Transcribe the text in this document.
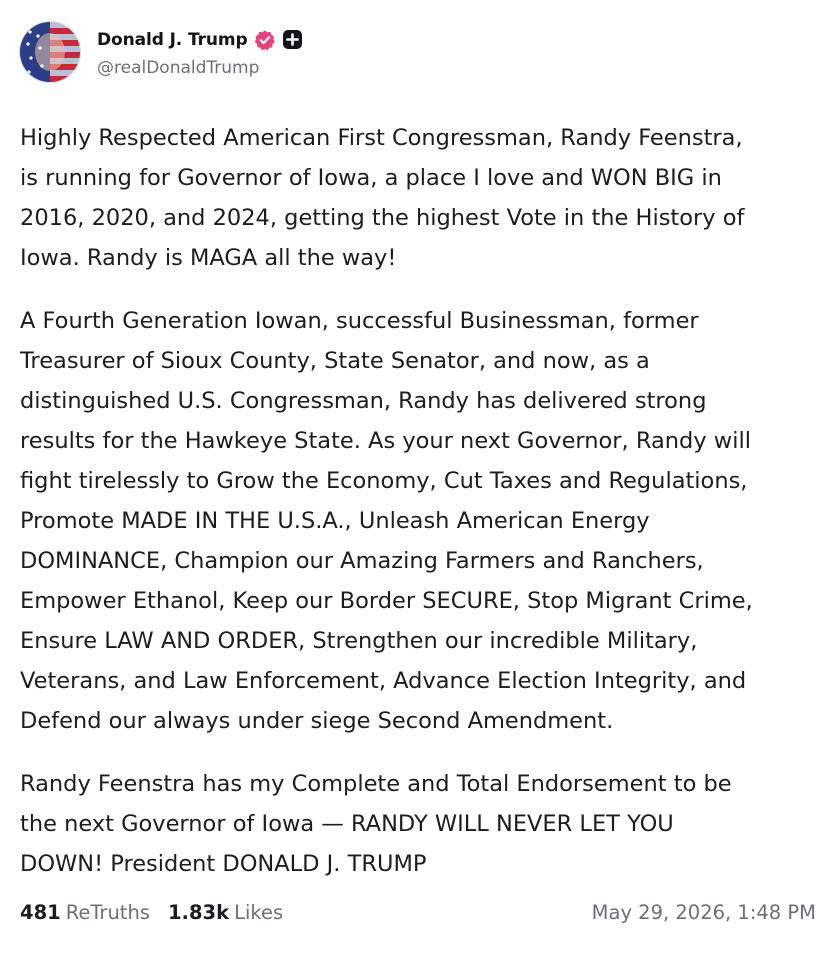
Donald J. Trump
@realDonaldTrump

Highly Respected American First Congressman, Randy Feenstra,
is running for Governor of Iowa, a place I love and WON BIG in
2016, 2020, and 2024, getting the highest Vote in the History of
Iowa. Randy is MAGA all the way!

A Fourth Generation Iowan, successful Businessman, former
Treasurer of Sioux County, State Senator, and now, as a
distinguished U.S. Congressman, Randy has delivered strong
results for the Hawkeye State. As your next Governor, Randy will
fight tirelessly to Grow the Economy, Cut Taxes and Regulations,
Promote MADE IN THE U.S.A., Unleash American Energy
DOMINANCE, Champion our Amazing Farmers and Ranchers,
Empower Ethanol, Keep our Border SECURE, Stop Migrant Crime,
Ensure LAW AND ORDER, Strengthen our incredible Military,
Veterans, and Law Enforcement, Advance Election Integrity, and
Defend our always under siege Second Amendment.

Randy Feenstra has my Complete and Total Endorsement to be
the next Governor of Iowa — RANDY WILL NEVER LET YOU
DOWN! President DONALD J. TRUMP

481 ReTruths 1.83k Likes	May 29, 2026, 1:48 PM
